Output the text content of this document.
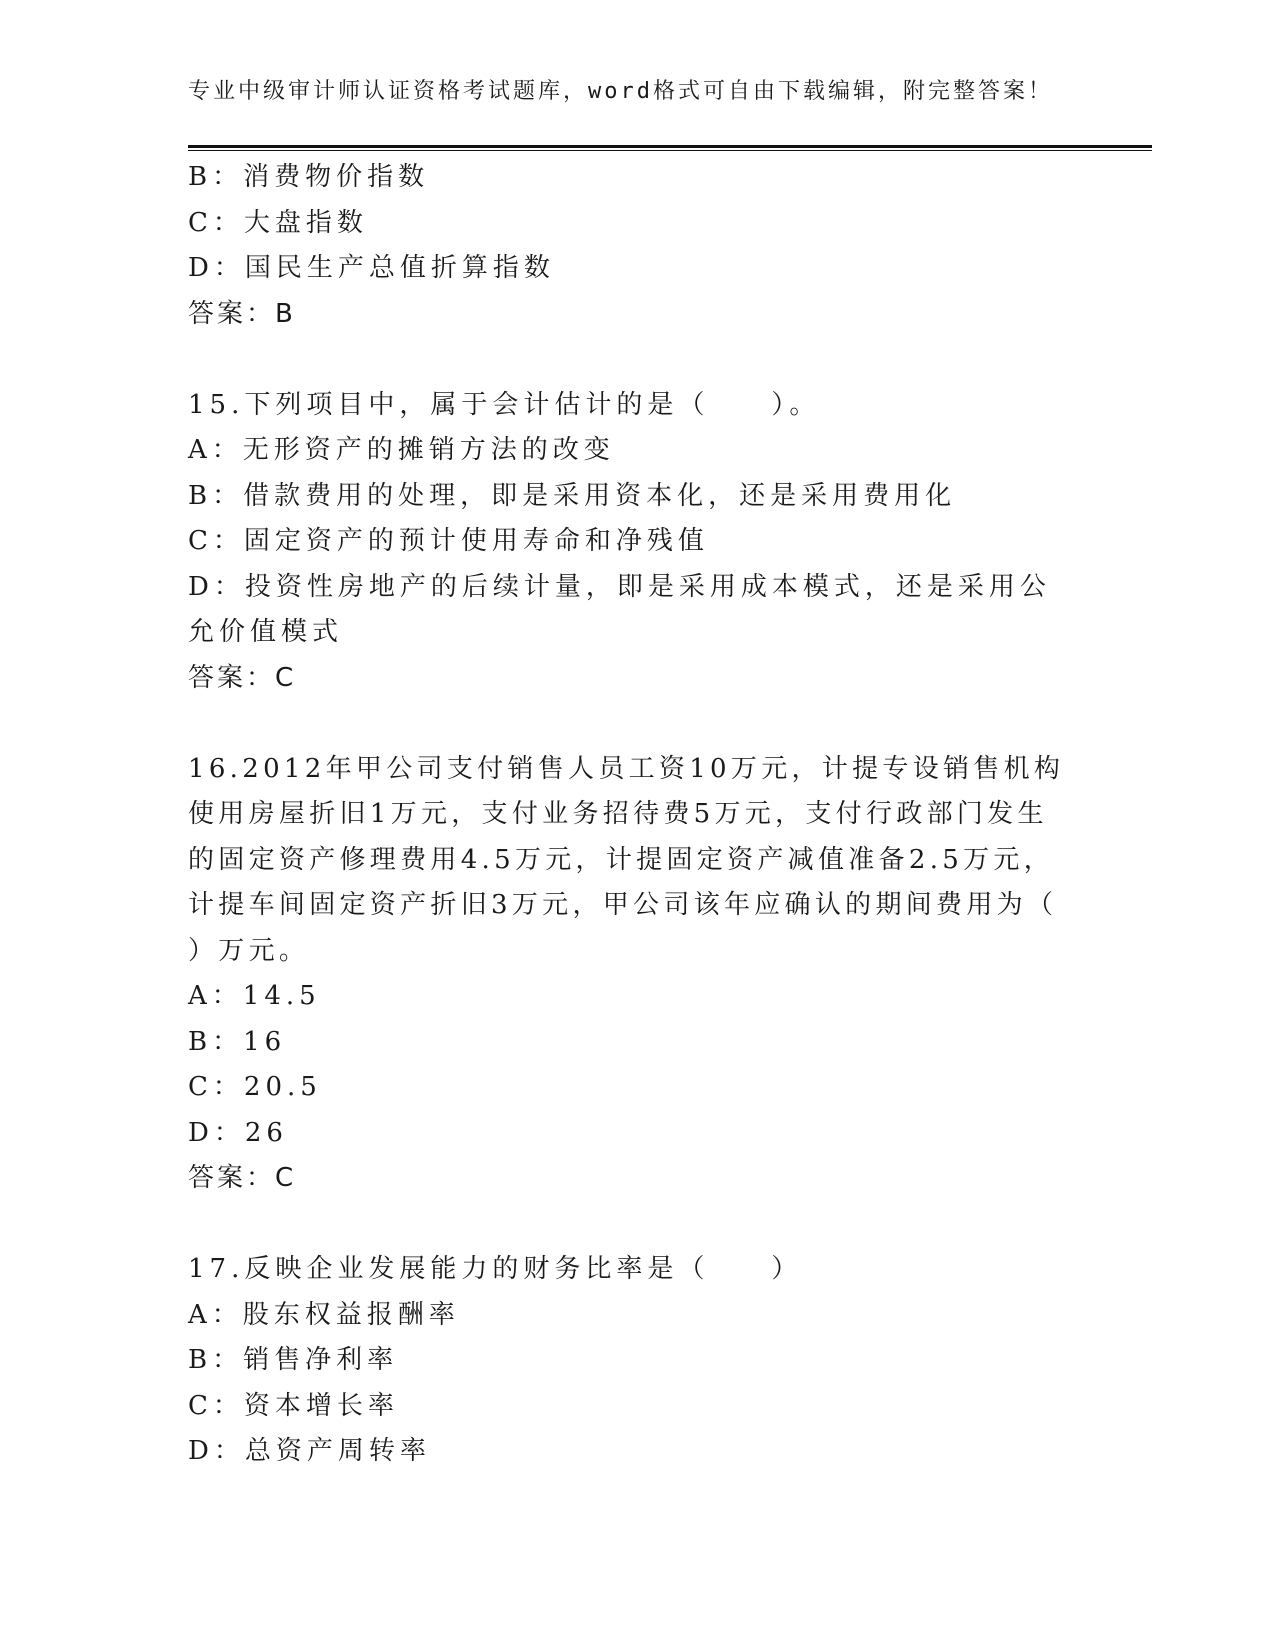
专业中级审计师认证资格考试题库，word格式可自由下载编辑，附完整答案！
B：消费物价指数
C：大盘指数
D：国民生产总值折算指数
答案：B
15.下列项目中，属于会计估计的是（　　）。
A：无形资产的摊销方法的改变
B：借款费用的处理，即是采用资本化，还是采用费用化
C：固定资产的预计使用寿命和净残值
D：投资性房地产的后续计量，即是采用成本模式，还是采用公允价值模式
答案：C
16.2012年甲公司支付销售人员工资10万元，计提专设销售机构使用房屋折旧1万元，支付业务招待费5万元，支付行政部门发生的固定资产修理费用4.5万元，计提固定资产减值准备2.5万元，计提车间固定资产折旧3万元，甲公司该年应确认的期间费用为（　　）万元。
A：14.5
B：16
C：20.5
D：26
答案：C
17.反映企业发展能力的财务比率是（　　）
A：股东权益报酬率
B：销售净利率
C：资本增长率
D：总资产周转率
